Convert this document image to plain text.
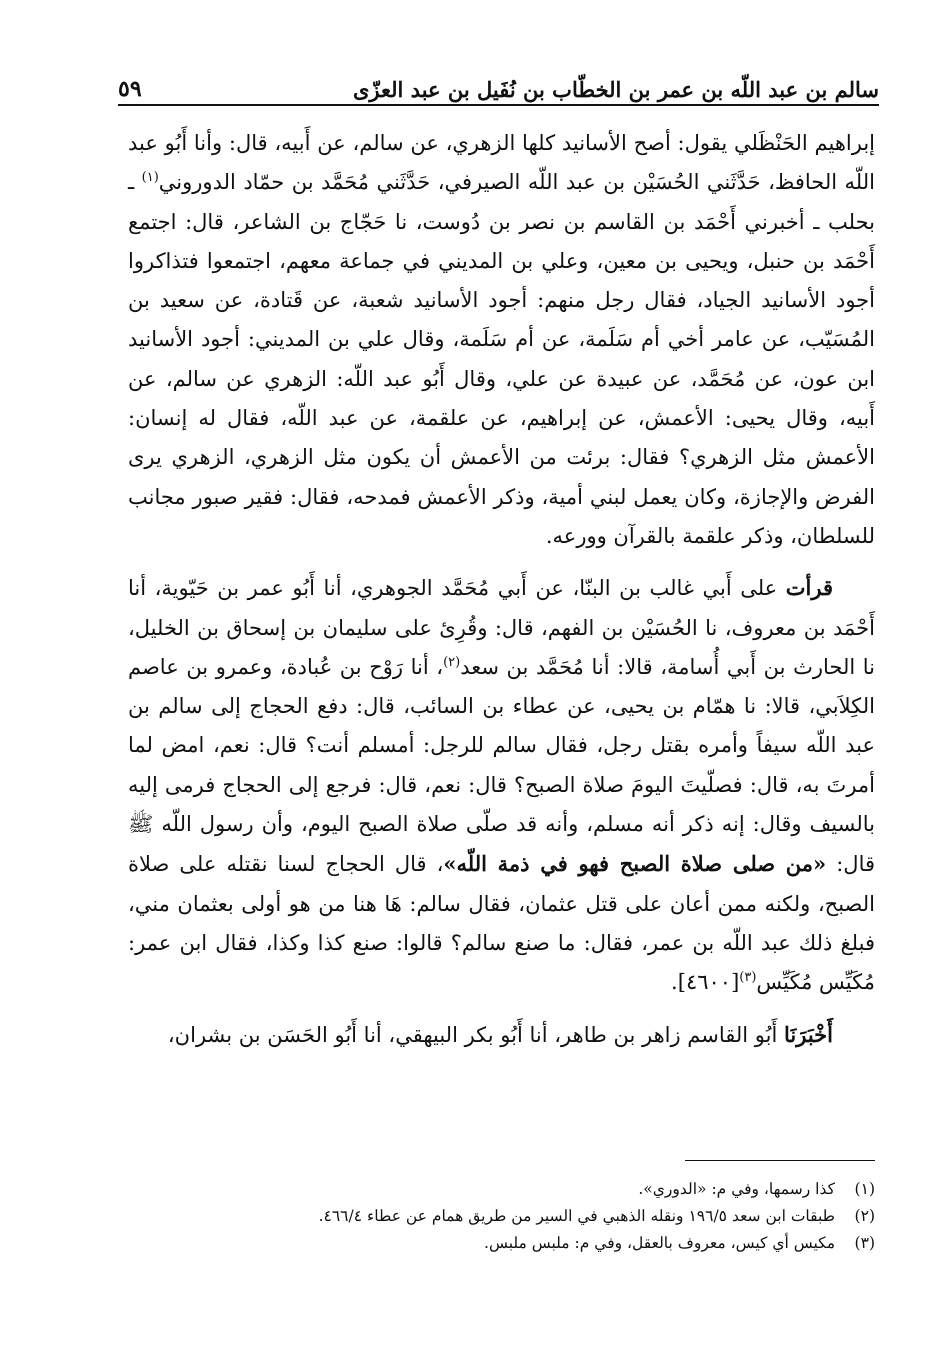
سالم بن عبد اللّه بن عمر بن الخطّاب بن نُفَيل بن عبد العزّى
٥٩

إبراهيم الحَنْظَلي يقول: أصح الأسانيد كلها الزهري، عن سالم، عن أَبيه، قال: وأنا أَبُو عبد اللّه الحافظ، حَدَّثَني الحُسَيْن بن عبد اللّه الصيرفي، حَدَّثَني مُحَمَّد بن حمّاد الدوروني$^{(١)}$ ـ بحلب ـ أخبرني أَحْمَد بن القاسم بن نصر بن دُوست، نا حَجّاج بن الشاعر، قال: اجتمع أَحْمَد بن حنبل، ويحيى بن معين، وعلي بن المديني في جماعة معهم، اجتمعوا فتذاكروا أجود الأسانيد الجياد، فقال رجل منهم: أجود الأسانيد شعبة، عن قَتادة، عن سعيد بن المُسَيّب، عن عامر أخي أم سَلَمة، عن أم سَلَمة، وقال علي بن المديني: أجود الأسانيد ابن عون، عن مُحَمَّد، عن عبيدة عن علي، وقال أَبُو عبد اللّه: الزهري عن سالم، عن أَبيه، وقال يحيى: الأعمش، عن إبراهيم، عن علقمة، عن عبد اللّه، فقال له إنسان: الأعمش مثل الزهري؟ فقال: برئت من الأعمش أن يكون مثل الزهري، الزهري يرى الفرض والإجازة، وكان يعمل لبني أمية، وذكر الأعمش فمدحه، فقال: فقير صبور مجانب للسلطان، وذكر علقمة بالقرآن وورعه.

قرأت على أَبي غالب بن البنّا، عن أَبي مُحَمَّد الجوهري، أنا أَبُو عمر بن حَيّوية، أنا أَحْمَد بن معروف، نا الحُسَيْن بن الفهم، قال: وقُرِئ على سليمان بن إسحاق بن الخليل، نا الحارث بن أَبي أُسامة، قالا: أنا مُحَمَّد بن سعد$^{(٢)}$، أنا رَوْح بن عُبادة، وعمرو بن عاصم الكِلاَبي، قالا: نا همّام بن يحيى، عن عطاء بن السائب، قال: دفع الحجاج إلى سالم بن عبد اللّه سيفاً وأمره بقتل رجل، فقال سالم للرجل: أمسلم أنت؟ قال: نعم، امض لما أمرتَ به، قال: فصلّيتَ اليومَ صلاة الصبح؟ قال: نعم، قال: فرجع إلى الحجاج فرمى إليه بالسيف وقال: إنه ذكر أنه مسلم، وأنه قد صلّى صلاة الصبح اليوم، وأن رسول اللّه ﷺ قال: «من صلى صلاة الصبح فهو في ذمة اللّه»، قال الحجاج لسنا نقتله على صلاة الصبح، ولكنه ممن أعان على قتل عثمان، فقال سالم: هَا هنا من هو أولى بعثمان مني، فبلغ ذلك عبد اللّه بن عمر، فقال: ما صنع سالم؟ قالوا: صنع كذا وكذا، فقال ابن عمر: مُكَيِّس مُكَيِّس$^{(٣)}$[٤٦٠٠].

أَخْبَرَنَا أَبُو القاسم زاهر بن طاهر، أنا أَبُو بكر البيهقي، أنا أَبُو الحَسَن بن بشران،

(١)
كذا رسمها، وفي م: «الدوري».

(٢)
طبقات ابن سعد ١٩٦/٥ ونقله الذهبي في السير من طريق همام عن عطاء ٤٦٦/٤.

(٣)
مكيس أي كيس، معروف بالعقل، وفي م: ملبس ملبس.
